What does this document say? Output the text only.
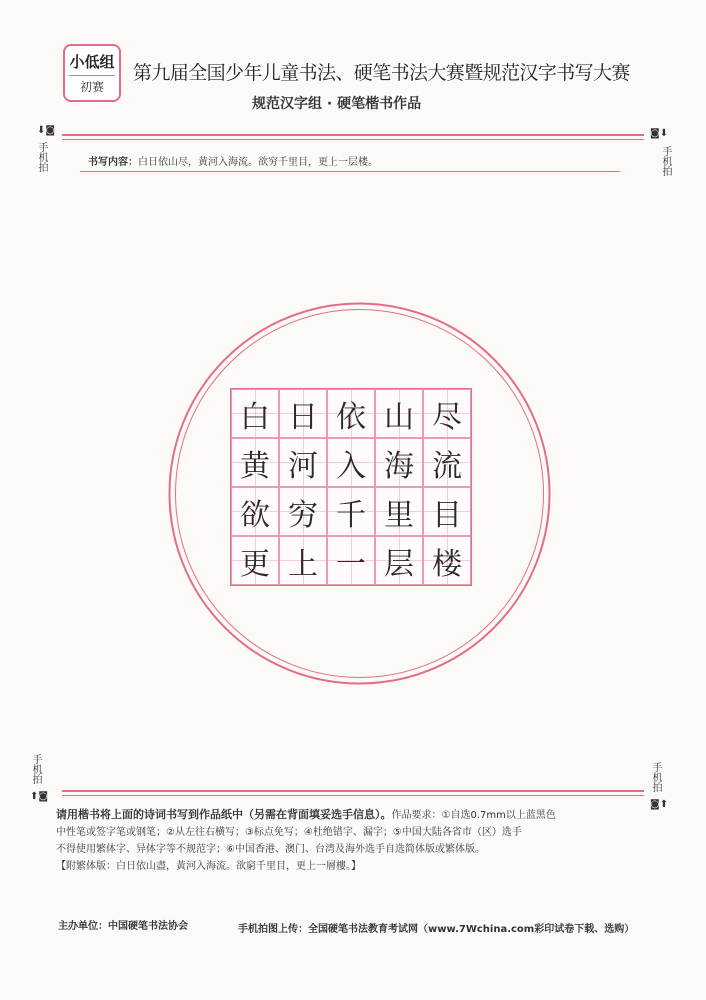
小低组
初赛
第九届全国少年儿童书法、硬笔书法大赛暨规范汉字书写大赛
规范汉字组 · 硬笔楷书作品
⬇◙
手机拍
◙⬇
手机拍
书写内容：白日依山尽，黄河入海流。欲穷千里目，更上一层楼。
白 日 依 山 尽
黄 河 入 海 流
欲 穷 千 里 目
更 上 一 层 楼
手机拍
⬆◙
手机拍
◙⬆

请用楷书将上面的诗词书写到作品纸中（另需在背面填妥选手信息）。作品要求：①自选0.7mm以上蓝黑色

中性笔或签字笔或钢笔；②从左往右横写；③标点免写；④杜绝错字、漏字；⑤中国大陆各省市（区）选手

不得使用繁体字、异体字等不规范字；⑥中国香港、澳门、台湾及海外选手自选简体版或繁体版。

【附繁体版：白日依山盡，黃河入海流。欲窮千里目，更上一層樓。】

主办单位：中国硬笔书法协会	手机拍图上传：全国硬笔书法教育考试网（www.7Wchina.com彩印试卷下载、选购）
